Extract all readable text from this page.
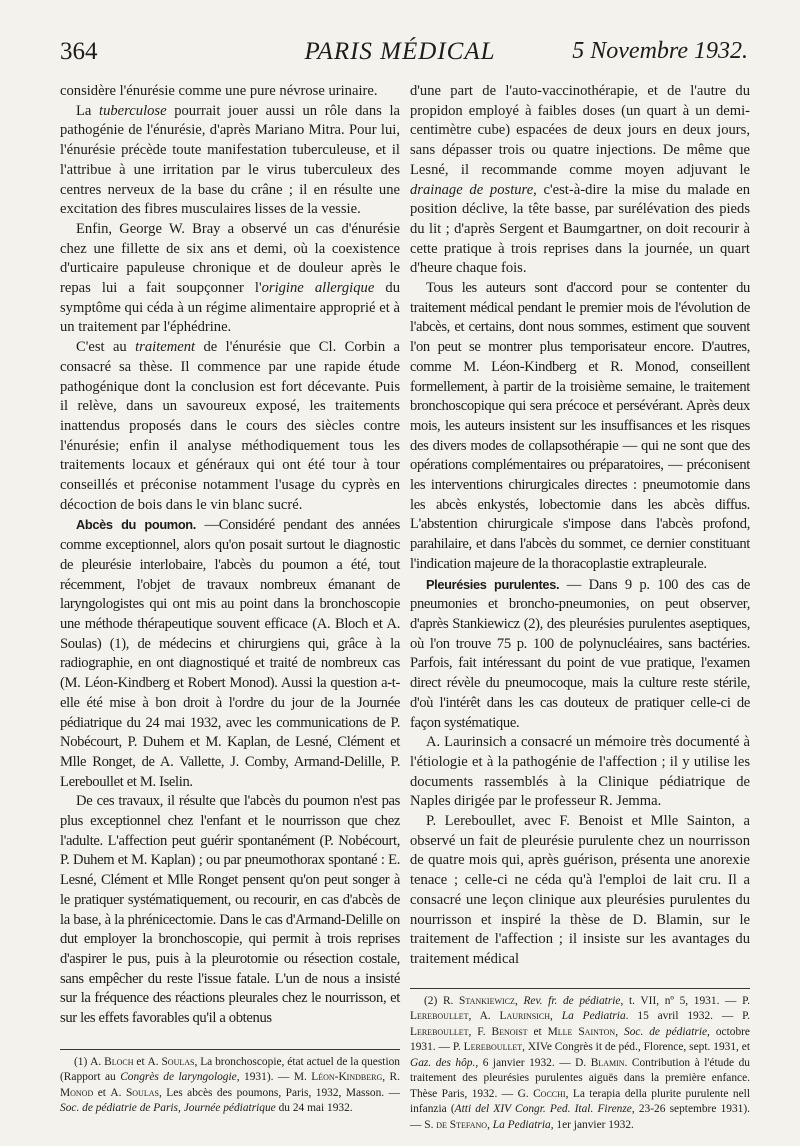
364	PARIS MÉDICAL	5 Novembre 1932.

considère l'énurésie comme une pure névrose urinaire.

La tuberculose pourrait jouer aussi un rôle dans la pathogénie de l'énurésie, d'après Mariano Mitra. Pour lui, l'énurésie précède toute manifestation tuberculeuse, et il l'attribue à une irritation par le virus tuberculeux des centres nerveux de la base du crâne ; il en résulte une excitation des fibres musculaires lisses de la vessie.

Enfin, George W. Bray a observé un cas d'énurésie chez une fillette de six ans et demi, où la coexistence d'urticaire papuleuse chronique et de douleur après le repas lui a fait soupçonner l'origine allergique du symptôme qui céda à un régime alimentaire approprié et à un traitement par l'éphédrine.

C'est au traitement de l'énurésie que Cl. Corbin a consacré sa thèse. Il commence par une rapide étude pathogénique dont la conclusion est fort décevante. Puis il relève, dans un savoureux exposé, les traitements inattendus proposés dans le cours des siècles contre l'énurésie; enfin il analyse méthodiquement tous les traitements locaux et généraux qui ont été tour à tour conseillés et préconise notamment l'usage du cyprès en décoction de bois dans le vin blanc sucré.

Abcès du poumon. —Considéré pendant des années comme exceptionnel, alors qu'on posait surtout le diagnostic de pleurésie interlobaire, l'abcès du poumon a été, tout récemment, l'objet de travaux nombreux émanant de laryngologistes qui ont mis au point dans la bronchoscopie une méthode thérapeutique souvent efficace (A. Bloch et A. Soulas) (1), de médecins et chirurgiens qui, grâce à la radiographie, en ont diagnostiqué et traité de nombreux cas (M. Léon-Kindberg et Robert Monod). Aussi la question a-t-elle été mise à bon droit à l'ordre du jour de la Journée pédiatrique du 24 mai 1932, avec les communications de P. Nobécourt, P. Duhem et M. Kaplan, de Lesné, Clément et Mlle Ronget, de A. Vallette, J. Comby, Armand-Delille, P. Lereboullet et M. Iselin.

De ces travaux, il résulte que l'abcès du poumon n'est pas plus exceptionnel chez l'enfant et le nourrisson que chez l'adulte. L'affection peut guérir spontanément (P. Nobécourt, P. Duhem et M. Kaplan) ; ou par pneumothorax spontané : E. Lesné, Clément et Mlle Ronget pensent qu'on peut songer à le pratiquer systématiquement, ou recourir, en cas d'abcès de la base, à la phrénicectomie. Dans le cas d'Armand-Delille on dut employer la bronchoscopie, qui permit à trois reprises d'aspirer le pus, puis à la pleurotomie ou résection costale, sans empêcher du reste l'issue fatale. L'un de nous a insisté sur la fréquence des réactions pleurales chez le nourrisson, et sur les effets favorables qu'il a obtenus

(1) A. Bloch et A. Soulas, La bronchoscopie, état actuel de la question (Rapport au Congrès de laryngologie, 1931). — M. Léon-Kindberg, R. Monod et A. Soulas, Les abcès des poumons, Paris, 1932, Masson. — Soc. de pédiatrie de Paris, Journée pédiatrique du 24 mai 1932.

d'une part de l'auto-vaccinothérapie, et de l'autre du propidon employé à faibles doses (un quart à un demi-centimètre cube) espacées de deux jours en deux jours, sans dépasser trois ou quatre injections. De même que Lesné, il recommande comme moyen adjuvant le drainage de posture, c'est-à-dire la mise du malade en position déclive, la tête basse, par surélévation des pieds du lit ; d'après Sergent et Baumgartner, on doit recourir à cette pratique à trois reprises dans la journée, un quart d'heure chaque fois.

Tous les auteurs sont d'accord pour se contenter du traitement médical pendant le premier mois de l'évolution de l'abcès, et certains, dont nous sommes, estiment que souvent l'on peut se montrer plus temporisateur encore. D'autres, comme M. Léon-Kindberg et R. Monod, conseillent formellement, à partir de la troisième semaine, le traitement bronchoscopique qui sera précoce et persévérant. Après deux mois, les auteurs insistent sur les insuffisances et les risques des divers modes de collapsothérapie — qui ne sont que des opérations complémentaires ou préparatoires, — préconisent les interventions chirurgicales directes : pneumotomie dans les abcès enkystés, lobectomie dans les abcès diffus. L'abstention chirurgicale s'impose dans l'abcès profond, parahilaire, et dans l'abcès du sommet, ce dernier constituant l'indication majeure de la thoracoplastie extrapleurale.

Pleurésies purulentes. — Dans 9 p. 100 des cas de pneumonies et broncho-pneumonies, on peut observer, d'après Stankiewicz (2), des pleurésies purulentes aseptiques, où l'on trouve 75 p. 100 de polynucléaires, sans bactéries. Parfois, fait intéressant du point de vue pratique, l'examen direct révèle du pneumocoque, mais la culture reste stérile, d'où l'intérêt dans les cas douteux de pratiquer celle-ci de façon systématique.

A. Laurinsich a consacré un mémoire très documenté à l'étiologie et à la pathogénie de l'affection ; il y utilise les documents rassemblés à la Clinique pédiatrique de Naples dirigée par le professeur R. Jemma.

P. Lereboullet, avec F. Benoist et Mlle Sainton, a observé un fait de pleurésie purulente chez un nourrisson de quatre mois qui, après guérison, présenta une anorexie tenace ; celle-ci ne céda qu'à l'emploi de lait cru. Il a consacré une leçon clinique aux pleurésies purulentes du nourrisson et inspiré la thèse de D. Blamin, sur le traitement de l'affection ; il insiste sur les avantages du traitement médical

(2) R. Stankiewicz, Rev. fr. de pédiatrie, t. VII, nº 5, 1931. — P. Lereboullet, A. Laurinsich, La Pediatria. 15 avril 1932. — P. Lereboullet, F. Benoist et Mlle Sainton, Soc. de pédiatrie, octobre 1931. — P. Lereboullet, XIVe Congrès it de péd., Florence, sept. 1931, et Gaz. des hôp., 6 janvier 1932. — D. Blamin. Contribution à l'étude du traitement des pleurésies purulentes aiguës dans la première enfance. Thèse Paris, 1932. — G. Cocchi, La terapia della plurite purulente nell infanzia (Atti del XIV Congr. Ped. Ital. Firenze, 23-26 septembre 1931). — S. de Stefano, La Pediatria, 1er janvier 1932.
